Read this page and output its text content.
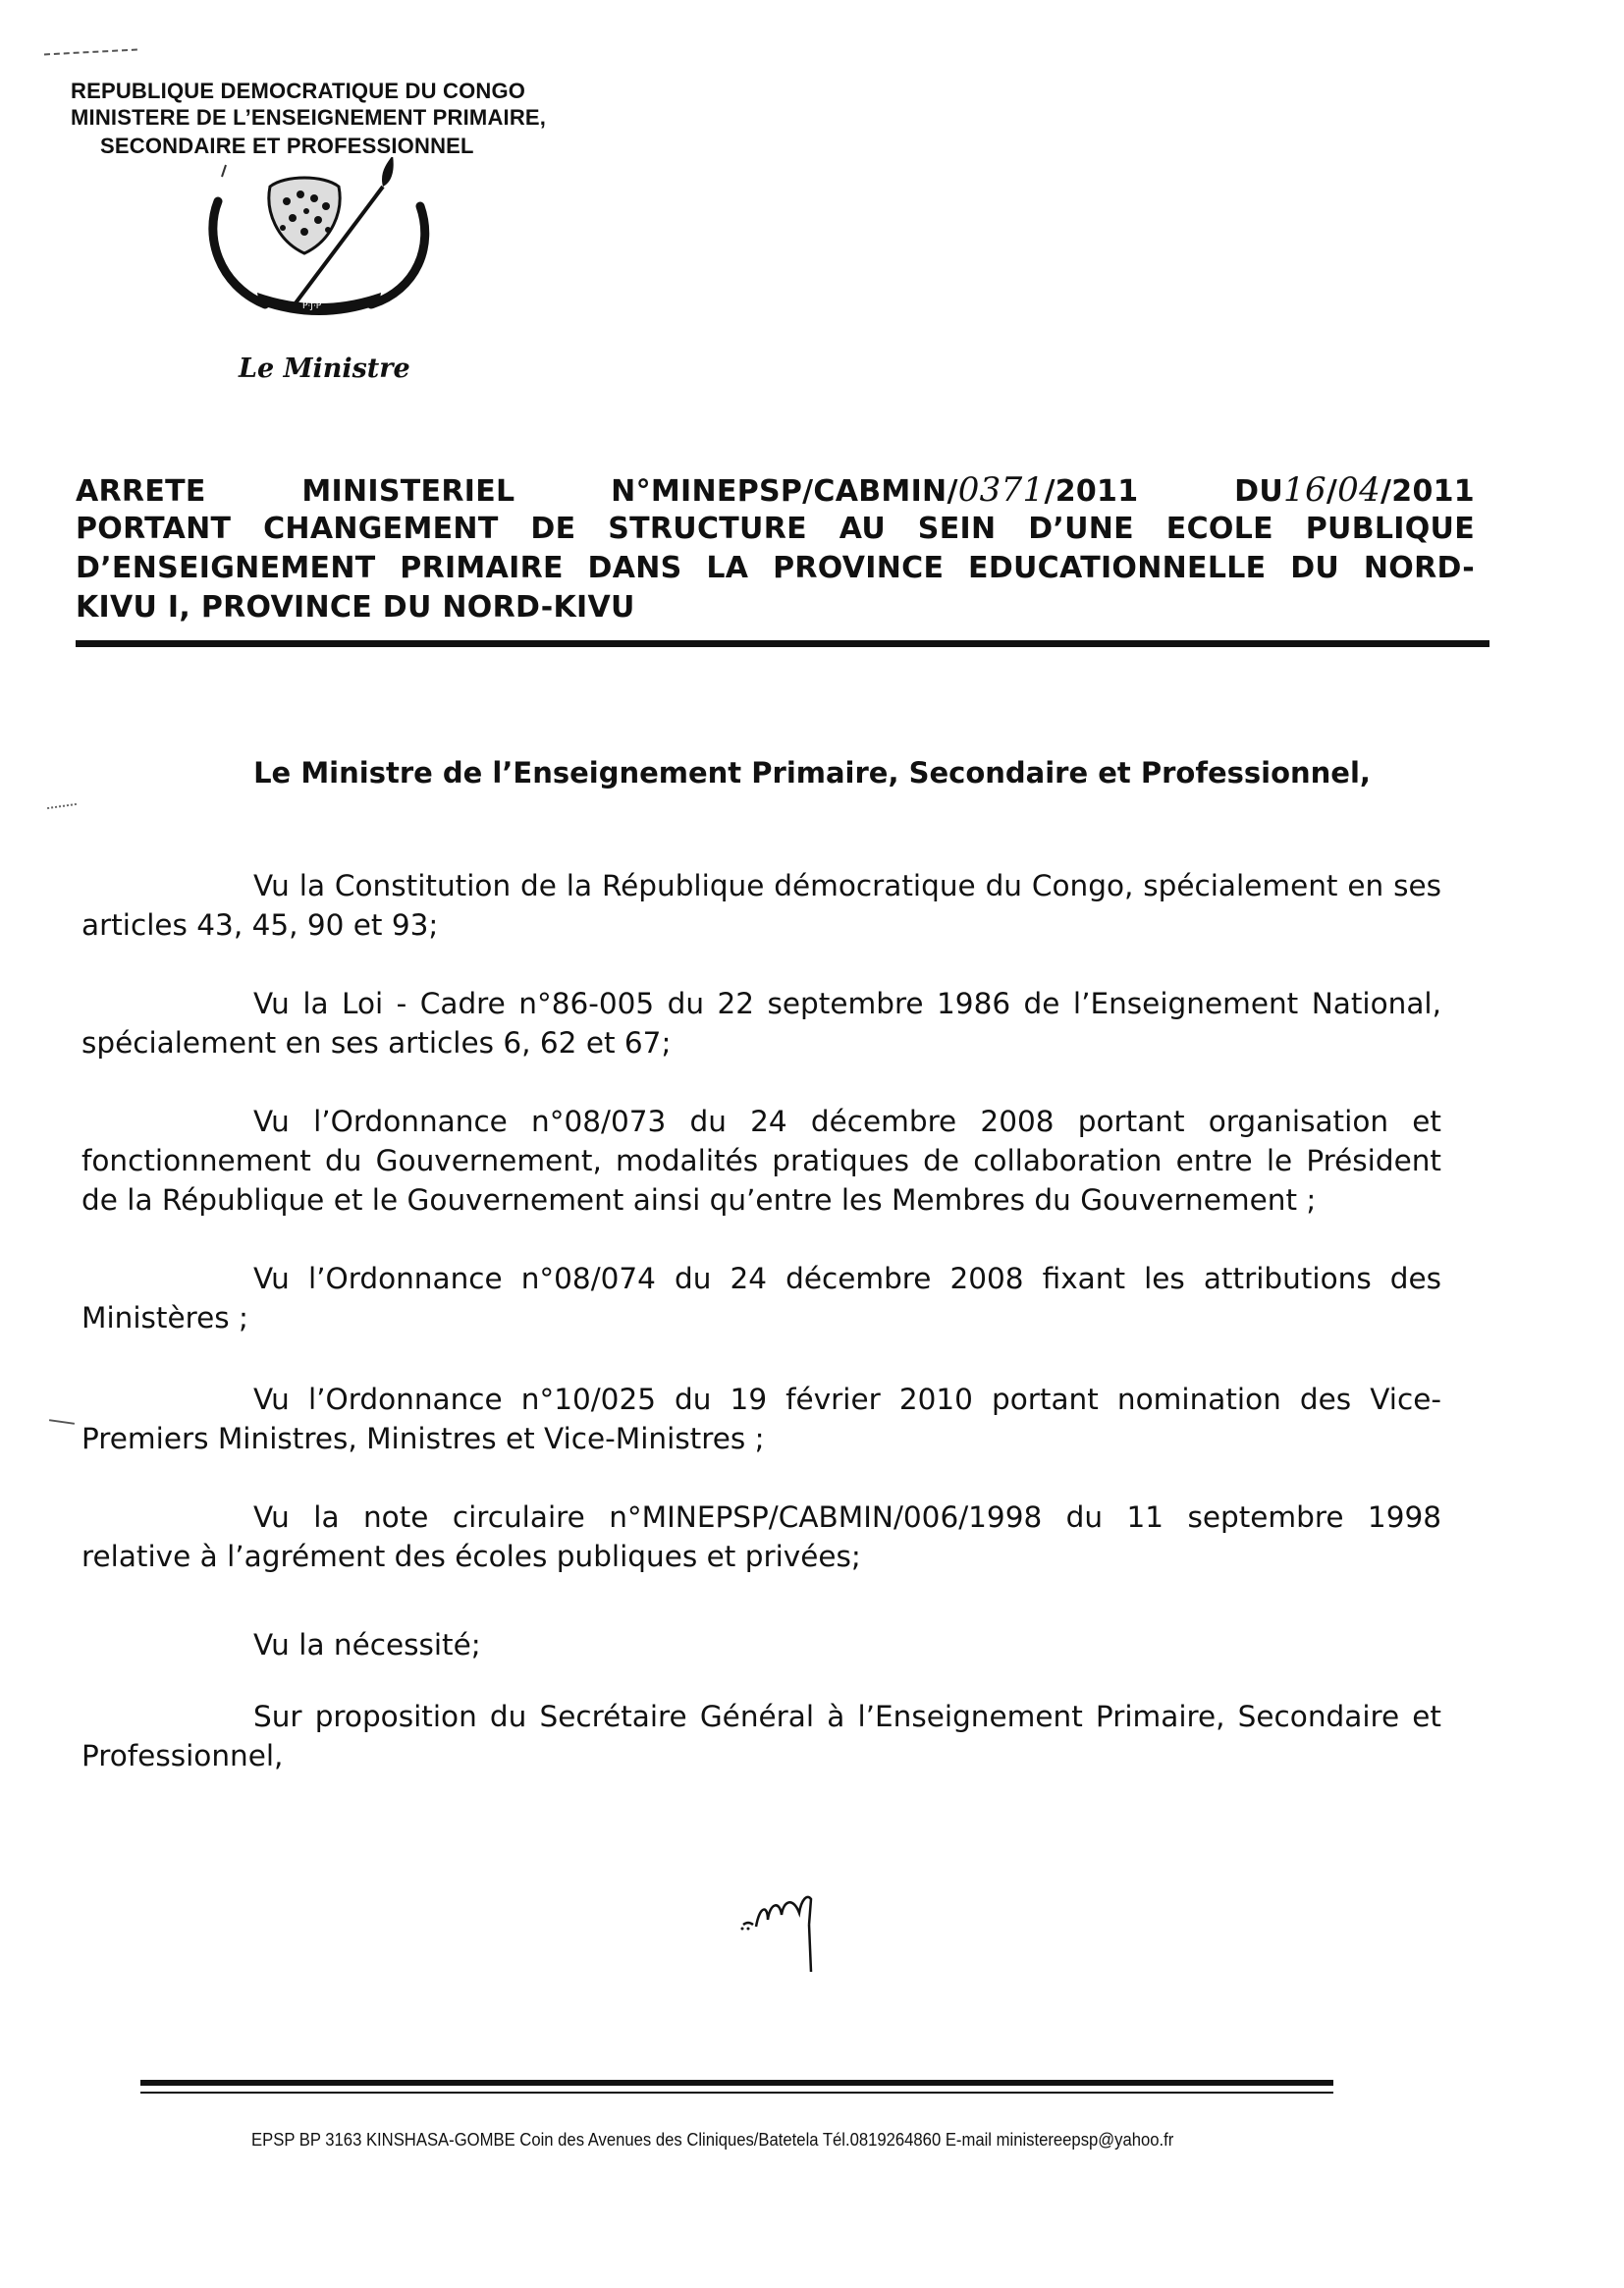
REPUBLIQUE DEMOCRATIQUE DU CONGO
MINISTERE DE L’ENSEIGNEMENT PRIMAIRE,
SECONDAIRE ET PROFESSIONNEL
P·J·P
Le Ministre
ARRETE	MINISTERIEL	N°MINEPSP/CABMIN/0371/2011	DU16/04/2011
PORTANT CHANGEMENT DE STRUCTURE AU SEIN D’UNE ECOLE PUBLIQUE
D’ENSEIGNEMENT PRIMAIRE DANS LA PROVINCE EDUCATIONNELLE DU NORD-
KIVU I, PROVINCE DU NORD-KIVU
Le Ministre de l’Enseignement Primaire, Secondaire et Professionnel,
Vu la Constitution de la République démocratique du Congo, spécialement en ses articles 43, 45, 90 et 93;
Vu la Loi - Cadre n°86-005 du 22 septembre 1986 de l’Enseignement National, spécialement en ses articles 6, 62 et 67;
Vu l’Ordonnance n°08/073 du 24 décembre 2008 portant organisation et fonctionnement du Gouvernement, modalités pratiques de collaboration entre le Président de la République et le Gouvernement ainsi qu’entre les Membres du Gouvernement ;
Vu l’Ordonnance n°08/074 du 24 décembre 2008 fixant les attributions des Ministères ;
Vu l’Ordonnance n°10/025 du 19 février 2010 portant nomination des Vice-Premiers Ministres, Ministres et Vice-Ministres ;
Vu la note circulaire n°MINEPSP/CABMIN/006/1998 du 11 septembre 1998 relative à l’agrément des écoles publiques et privées;
Vu la nécessité;
Sur proposition du Secrétaire Général à l’Enseignement Primaire, Secondaire et Professionnel,
EPSP BP 3163 KINSHASA-GOMBE Coin des Avenues des Cliniques/Batetela Tél.0819264860 E-mail ministereepsp@yahoo.fr
